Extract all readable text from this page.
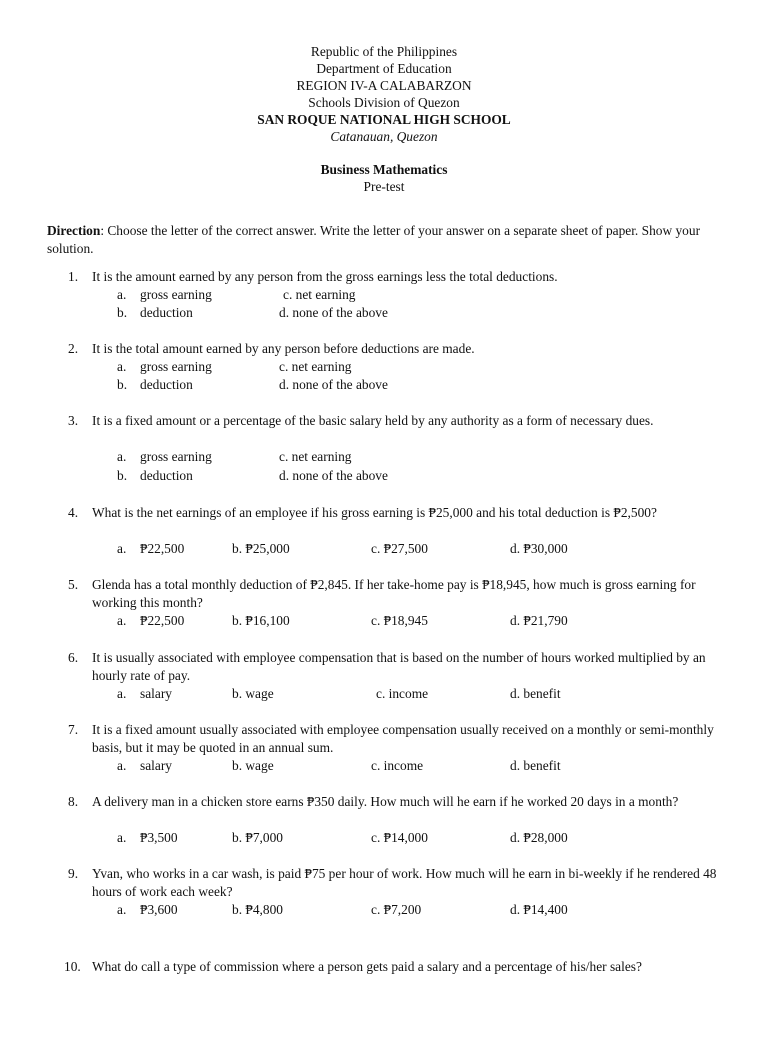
Republic of the Philippines
Department of Education
REGION IV-A CALABARZON
Schools Division of Quezon
SAN ROQUE NATIONAL HIGH SCHOOL
Catanauan, Quezon
Business Mathematics
Pre-test
Direction: Choose the letter of the correct answer. Write the letter of your answer on a separate sheet of paper. Show your solution.
1. It is the amount earned by any person from the gross earnings less the total deductions.
a. gross earning	c. net earning
b. deduction	d. none of the above
2. It is the total amount earned by any person before deductions are made.
a. gross earning	c. net earning
b. deduction	d. none of the above
3. It is a fixed amount or a percentage of the basic salary held by any authority as a form of necessary dues.
a. gross earning	c. net earning
b. deduction	d. none of the above
4. What is the net earnings of an employee if his gross earning is ₱25,000 and his total deduction is ₱2,500?
a. ₱22,500	b. ₱25,000	c. ₱27,500	d. ₱30,000
5. Glenda has a total monthly deduction of ₱2,845. If her take-home pay is ₱18,945, how much is gross earning for working this month?
a. ₱22,500	b. ₱16,100	c. ₱18,945	d. ₱21,790
6. It is usually associated with employee compensation that is based on the number of hours worked multiplied by an hourly rate of pay.
a. salary	b. wage	c. income	d. benefit
7. It is a fixed amount usually associated with employee compensation usually received on a monthly or semi-monthly basis, but it may be quoted in an annual sum.
a. salary	b. wage	c. income	d. benefit
8. A delivery man in a chicken store earns ₱350 daily. How much will he earn if he worked 20 days in a month?
a. ₱3,500	b. ₱7,000	c. ₱14,000	d. ₱28,000
9. Yvan, who works in a car wash, is paid ₱75 per hour of work. How much will he earn in bi-weekly if he rendered 48 hours of work each week?
a. ₱3,600	b. ₱4,800	c. ₱7,200	d. ₱14,400
10. What do call a type of commission where a person gets paid a salary and a percentage of his/her sales?
